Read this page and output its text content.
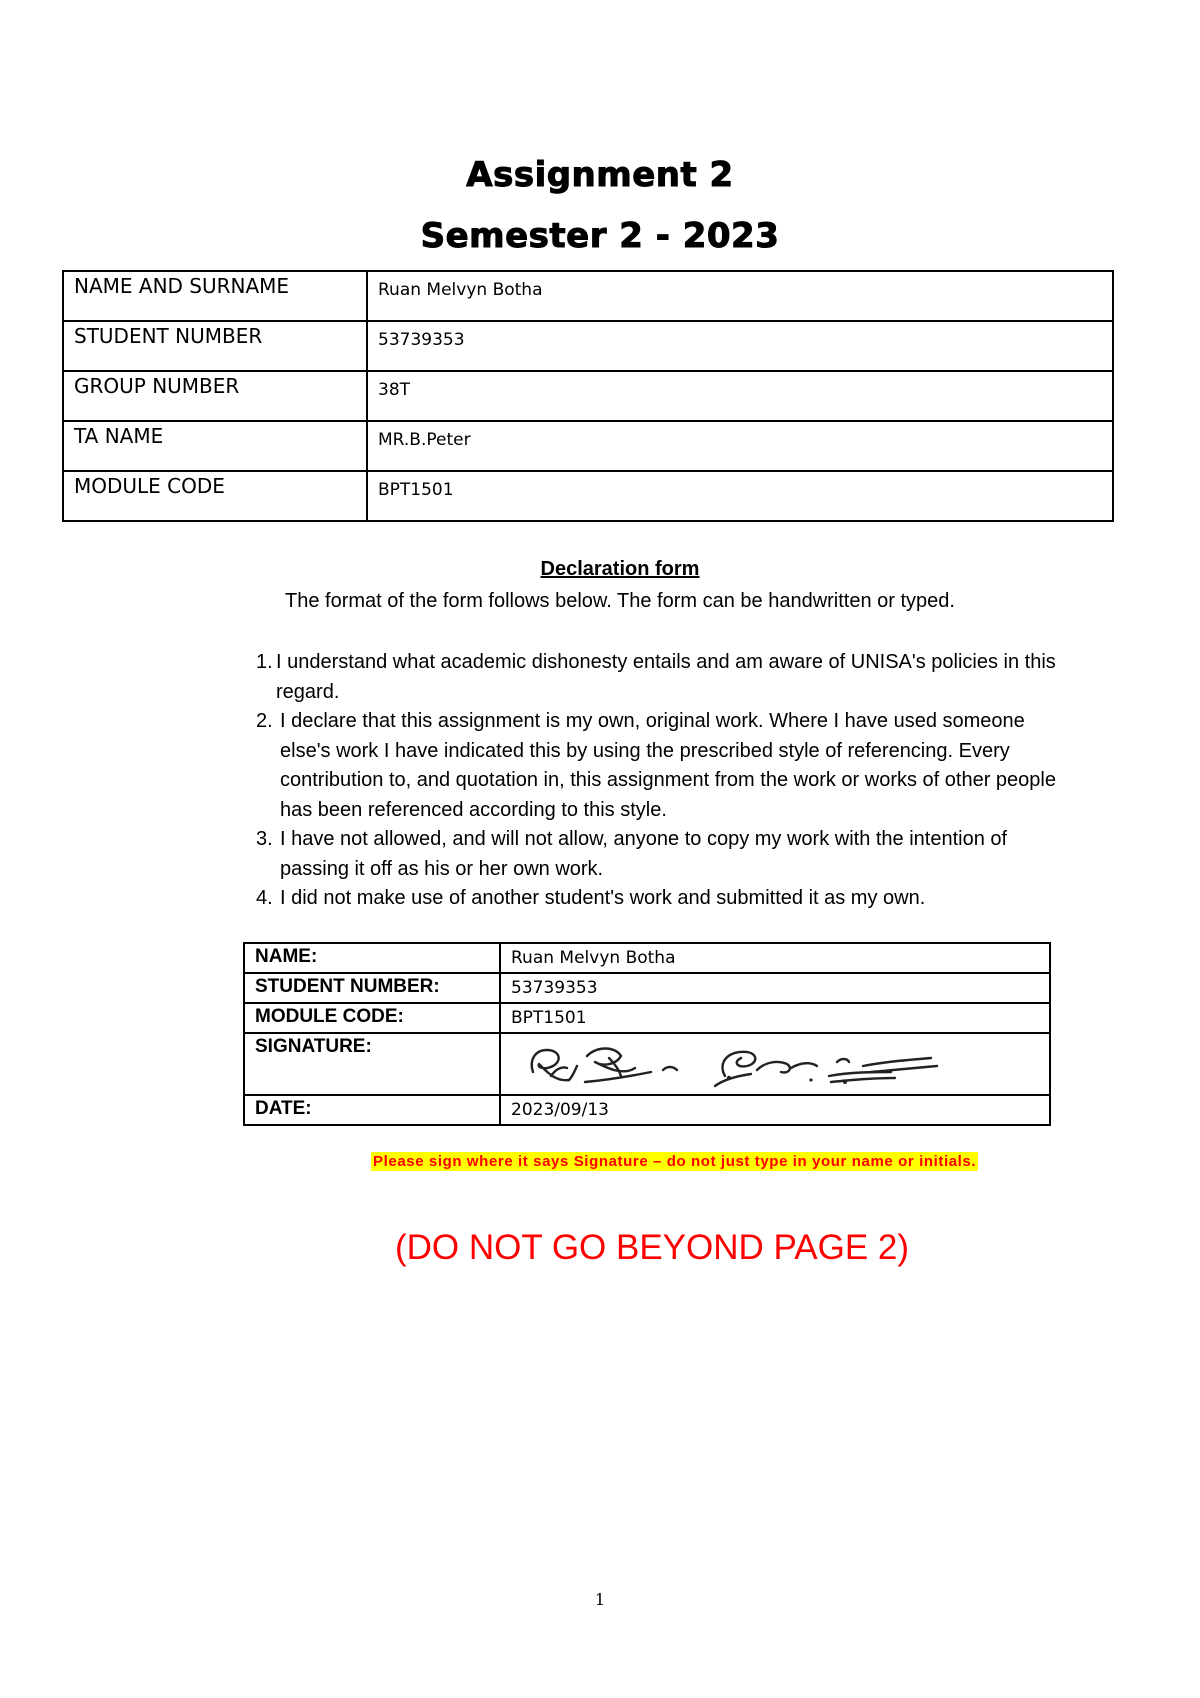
Assignment 2
Semester 2 - 2023
NAME AND SURNAME	Ruan Melvyn Botha
STUDENT NUMBER	53739353
GROUP NUMBER	38T
TA NAME	MR.B.Peter
MODULE CODE	BPT1501
Declaration form
The format of the form follows below. The form can be handwritten or typed.
1. I understand what academic dishonesty entails and am aware of UNISA's policies in this regard.
2. I declare that this assignment is my own, original work. Where I have used someone else's work I have indicated this by using the prescribed style of referencing. Every contribution to, and quotation in, this assignment from the work or works of other people has been referenced according to this style.
3. I have not allowed, and will not allow, anyone to copy my work with the intention of passing it off as his or her own work.
4. I did not make use of another student's work and submitted it as my own.
NAME:	Ruan Melvyn Botha
STUDENT NUMBER:	53739353
MODULE CODE:	BPT1501
SIGNATURE:	

DATE:	2023/09/13
Please sign where it says Signature – do not just type in your name or initials.
(DO NOT GO BEYOND PAGE 2)
1
